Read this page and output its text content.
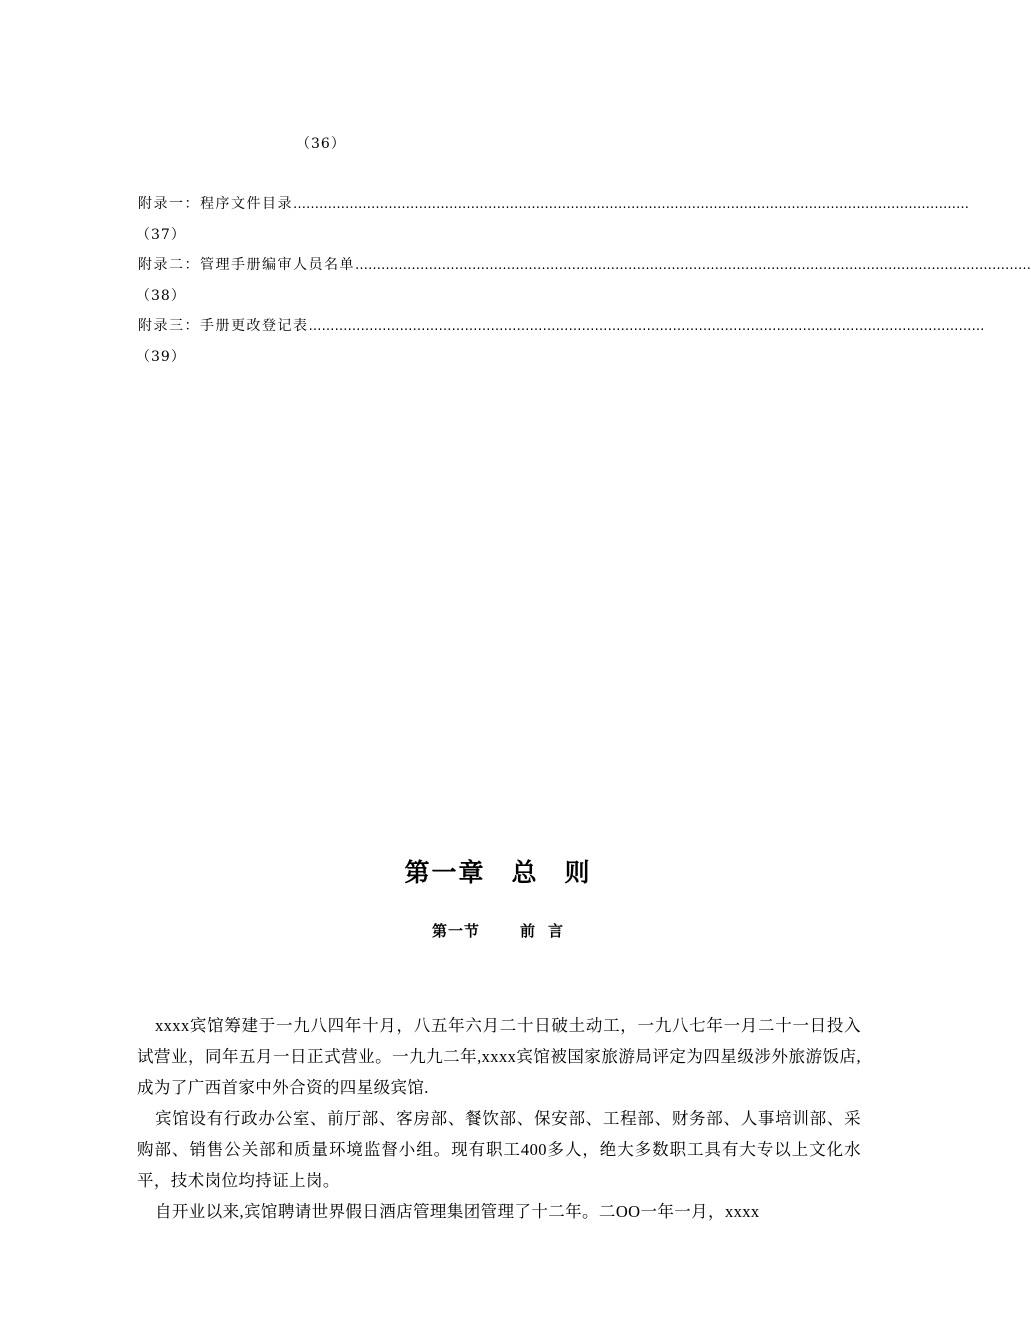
（36）
附录一：程序文件目录 …………………………………………………………………………………………………………………………………………
（37）
附录二：管理手册编审人员名单 …………………………………………………………………………………………………………………………………………
（38）
附录三：手册更改登记表 …………………………………………………………………………………………………………………………………………
（39）
第一章 总 则
第一节	前 言

xxxx宾馆筹建于一九八四年十月，八五年六月二十日破土动工，一九八七年一月二十一日投入试营业，同年五月一日正式营业。一九九二年,xxxx宾馆被国家旅游局评定为四星级涉外旅游饭店,成为了广西首家中外合资的四星级宾馆.

宾馆设有行政办公室、前厅部、客房部、餐饮部、保安部、工程部、财务部、人事培训部、采购部、销售公关部和质量环境监督小组。现有职工400多人，绝大多数职工具有大专以上文化水平，技术岗位均持证上岗。

自开业以来,宾馆聘请世界假日酒店管理集团管理了十二年。二OO一年一月，xxxx
